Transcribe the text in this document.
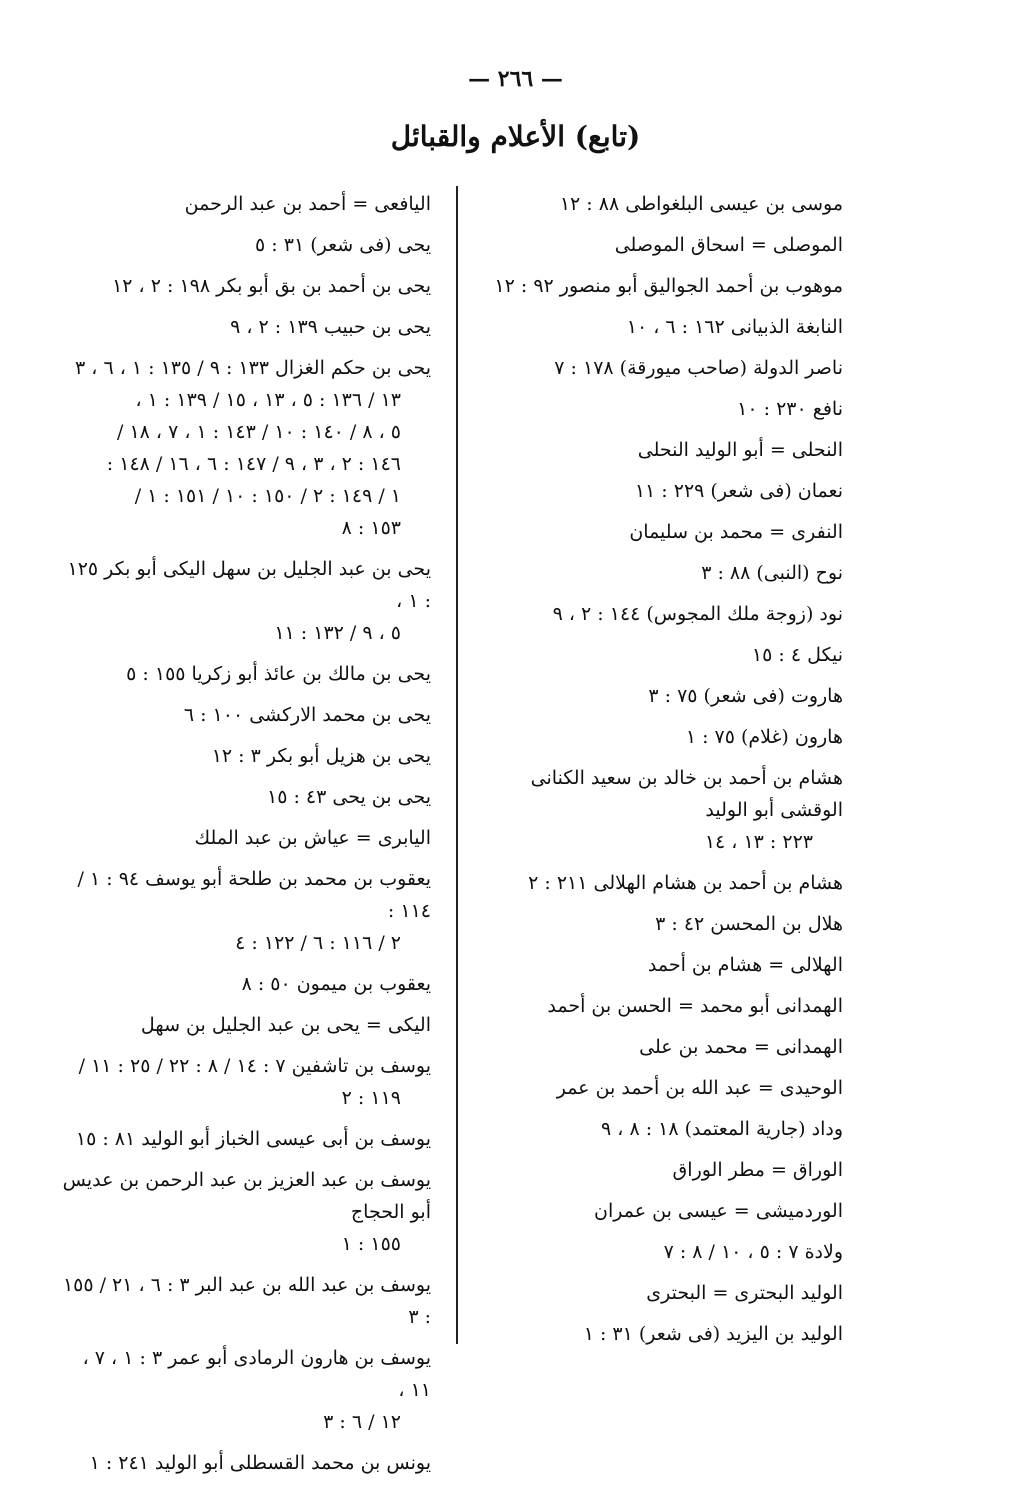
— ٢٦٦ —
(تابع) الأعلام والقبائل
موسى بن عيسى البلغواطى ٨٨ : ١٢
الموصلى = اسحاق الموصلى
موهوب بن أحمد الجواليق أبو منصور ٩٢ : ١٢
النابغة الذبيانى ١٦٢ : ٦ ، ١٠
ناصر الدولة (صاحب ميورقة) ١٧٨ : ٧
نافع ٢٣٠ : ١٠
النحلى = أبو الوليد النحلى
نعمان (فى شعر) ٢٢٩ : ١١
النفرى = محمد بن سليمان
نوح (النبى) ٨٨ : ٣
نود (زوجة ملك المجوس) ١٤٤ : ٢ ، ٩
نيكل ٤ : ١٥
هاروت (فى شعر) ٧٥ : ٣
هارون (غلام) ٧٥ : ١
هشام بن أحمد بن خالد بن سعيد الكنانى الوقشى أبو الوليد
٢٢٣ : ١٣ ، ١٤
هشام بن أحمد بن هشام الهلالى ٢١١ : ٢
هلال بن المحسن ٤٢ : ٣
الهلالى = هشام بن أحمد
الهمدانى أبو محمد = الحسن بن أحمد
الهمدانى = محمد بن على
الوحيدى = عبد الله بن أحمد بن عمر
وداد (جارية المعتمد) ١٨ : ٨ ، ٩
الوراق = مطر الوراق
الوردميشى = عيسى بن عمران
ولادة ٧ : ٥ ، ١٠ / ٨ : ٧
الوليد البحترى = البحترى
الوليد بن اليزيد (فى شعر) ٣١ : ١
اليافعى = أحمد بن عبد الرحمن
يحى (فى شعر) ٣١ : ٥
يحى بن أحمد بن بق أبو بكر ١٩٨ : ٢ ، ١٢
يحى بن حبيب ١٣٩ : ٢ ، ٩
يحى بن حكم الغزال ١٣٣ : ٩ / ١٣٥ : ١ ، ٦ ، ٣
١٣ / ١٣٦ : ٥ ، ١٣ ، ١٥ / ١٣٩ : ١ ،
٥ ، ٨ / ١٤٠ : ١٠ / ١٤٣ : ١ ، ٧ ، ١٨ /
١٤٦ : ٢ ، ٣ ، ٩ / ١٤٧ : ٦ ، ١٦ / ١٤٨ :
١ / ١٤٩ : ٢ / ١٥٠ : ١٠ / ١٥١ : ١ /
١٥٣ : ٨
يحى بن عبد الجليل بن سهل اليكى أبو بكر ١٢٥ : ١ ،
٥ ، ٩ / ١٣٢ : ١١
يحى بن مالك بن عائذ أبو زكريا ١٥٥ : ٥
يحى بن محمد الاركشى ١٠٠ : ٦
يحى بن هزيل أبو بكر ٣ : ١٢
يحى بن يحى ٤٣ : ١٥
اليابرى = عياش بن عبد الملك
يعقوب بن محمد بن طلحة أبو يوسف ٩٤ : ١ / ١١٤ :
٢ / ١١٦ : ٦ / ١٢٢ : ٤
يعقوب بن ميمون ٥٠ : ٨
اليكى = يحى بن عبد الجليل بن سهل
يوسف بن تاشفين ٧ : ١٤ / ٨ : ٢٢ / ٢٥ : ١١ /
١١٩ : ٢
يوسف بن أبى عيسى الخباز أبو الوليد ٨١ : ١٥
يوسف بن عبد العزيز بن عبد الرحمن بن عديس أبو الحجاج
١٥٥ : ١
يوسف بن عبد الله بن عبد البر ٣ : ٦ ، ٢١ / ١٥٥ : ٣
يوسف بن هارون الرمادى أبو عمر ٣ : ١ ، ٧ ، ١١ ،
١٢ / ٦ : ٣
يونس بن محمد القسطلى أبو الوليد ٢٤١ : ١
